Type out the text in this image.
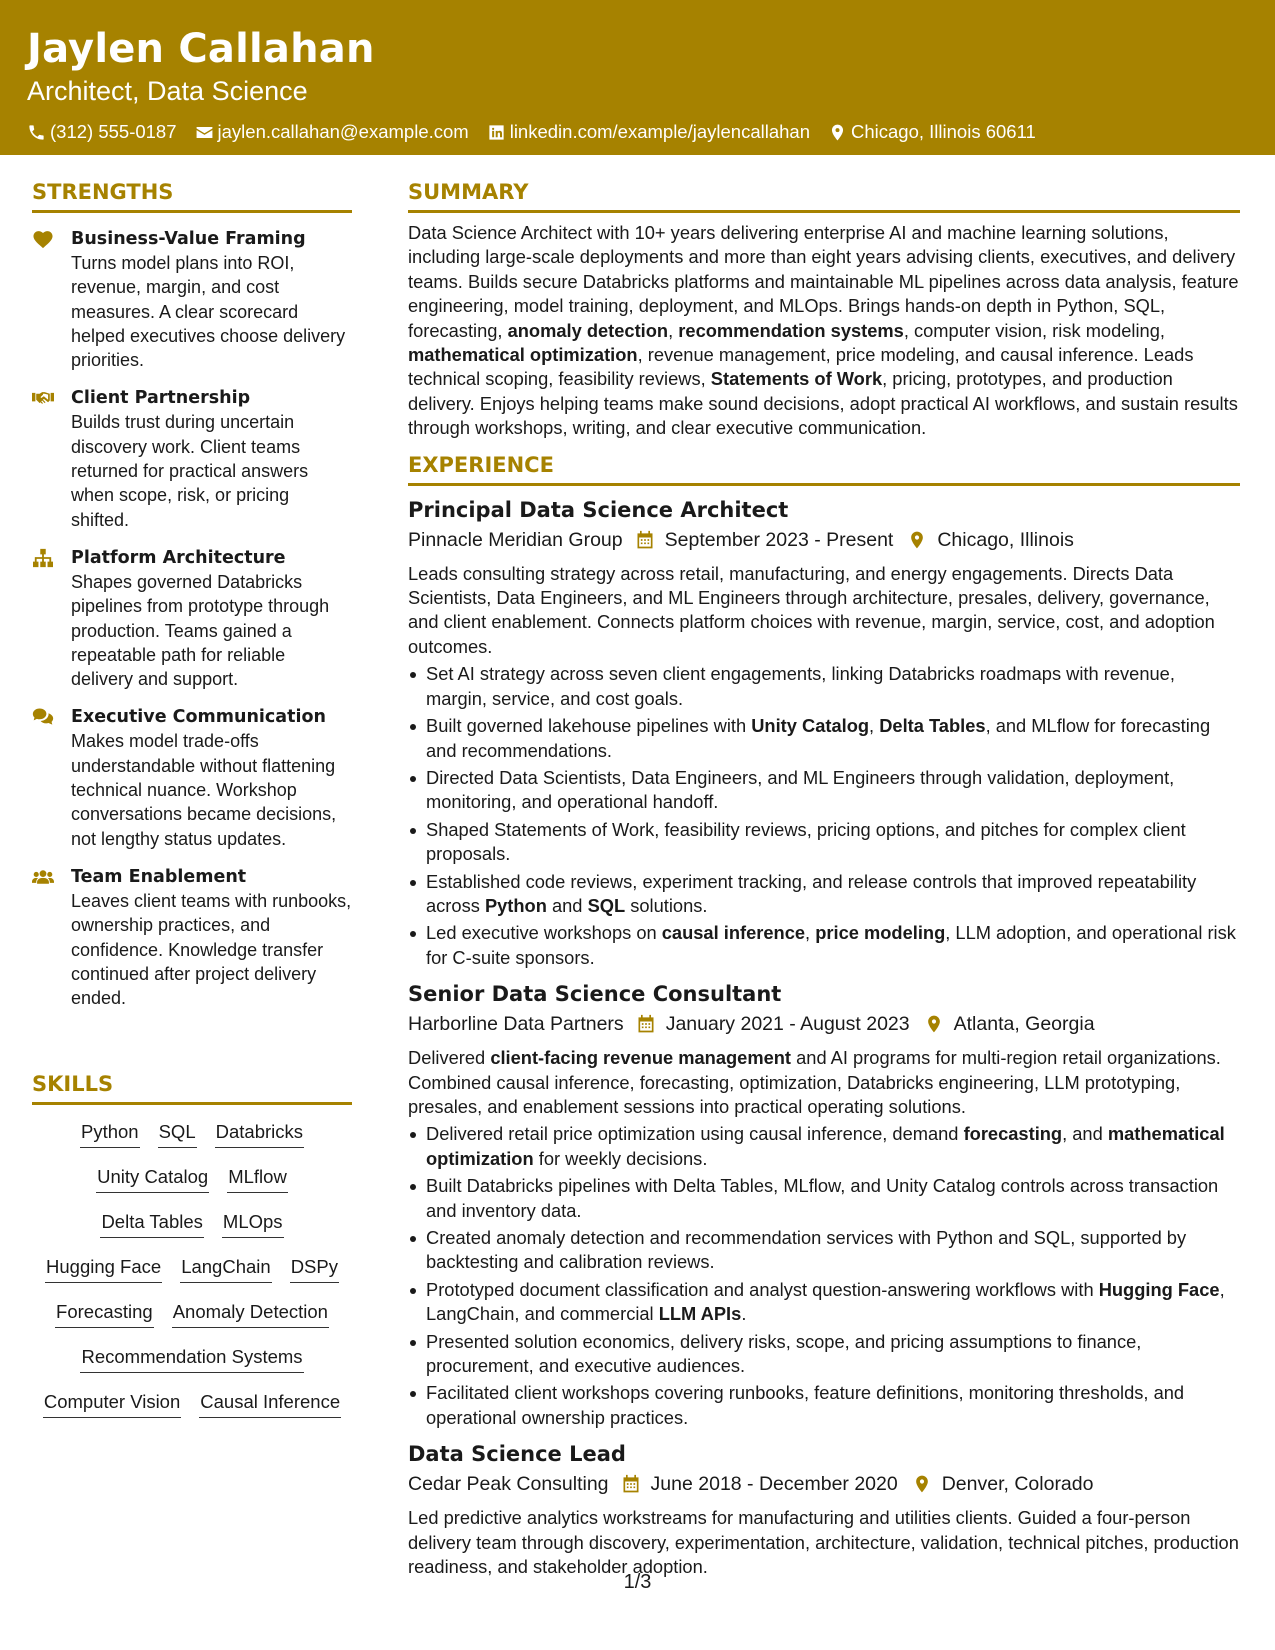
Jaylen Callahan
Architect, Data Science
(312) 555-0187 jaylen.callahan@example.com linkedin.com/example/jaylencallahan Chicago, Illinois 60611
STRENGTHS
Business-Value Framing
Turns model plans into ROI, revenue, margin, and cost measures. A clear scorecard helped executives choose delivery priorities.
Client Partnership
Builds trust during uncertain discovery work. Client teams returned for practical answers when scope, risk, or pricing shifted.
Platform Architecture
Shapes governed Databricks pipelines from prototype through production. Teams gained a repeatable path for reliable delivery and support.
Executive Communication
Makes model trade-offs understandable without flattening technical nuance. Workshop conversations became decisions, not lengthy status updates.
Team Enablement
Leaves client teams with runbooks, ownership practices, and confidence. Knowledge transfer continued after project delivery ended.
SKILLS
Python SQL Databricks
Unity Catalog MLflow
Delta Tables MLOps
Hugging Face LangChain DSPy
Forecasting Anomaly Detection
Recommendation Systems
Computer Vision Causal Inference
SUMMARY

Data Science Architect with 10+ years delivering enterprise AI and machine learning solutions, including large-scale deployments and more than eight years advising clients, executives, and delivery teams. Builds secure Databricks platforms and maintainable ML pipelines across data analysis, feature engineering, model training, deployment, and MLOps. Brings hands-on depth in Python, SQL, forecasting, anomaly detection, recommendation systems, computer vision, risk modeling, mathematical optimization, revenue management, price modeling, and causal inference. Leads technical scoping, feasibility reviews, Statements of Work, pricing, prototypes, and production delivery. Enjoys helping teams make sound decisions, adopt practical AI workflows, and sustain results through workshops, writing, and clear executive communication.

EXPERIENCE
Principal Data Science Architect
Pinnacle Meridian Group September 2023 - Present Chicago, Illinois

Leads consulting strategy across retail, manufacturing, and energy engagements. Directs Data Scientists, Data Engineers, and ML Engineers through architecture, presales, delivery, governance, and client enablement. Connects platform choices with revenue, margin, service, cost, and adoption outcomes.

Set AI strategy across seven client engagements, linking Databricks roadmaps with revenue, margin, service, and cost goals.
Built governed lakehouse pipelines with Unity Catalog, Delta Tables, and MLflow for forecasting and recommendations.
Directed Data Scientists, Data Engineers, and ML Engineers through validation, deployment, monitoring, and operational handoff.
Shaped Statements of Work, feasibility reviews, pricing options, and pitches for complex client proposals.
Established code reviews, experiment tracking, and release controls that improved repeatability across Python and SQL solutions.
Led executive workshops on causal inference, price modeling, LLM adoption, and operational risk for C-suite sponsors.
Senior Data Science Consultant
Harborline Data Partners January 2021 - August 2023 Atlanta, Georgia

Delivered client-facing revenue management and AI programs for multi-region retail organizations. Combined causal inference, forecasting, optimization, Databricks engineering, LLM prototyping, presales, and enablement sessions into practical operating solutions.

Delivered retail price optimization using causal inference, demand forecasting, and mathematical optimization for weekly decisions.
Built Databricks pipelines with Delta Tables, MLflow, and Unity Catalog controls across transaction and inventory data.
Created anomaly detection and recommendation services with Python and SQL, supported by backtesting and calibration reviews.
Prototyped document classification and analyst question-answering workflows with Hugging Face, LangChain, and commercial LLM APIs.
Presented solution economics, delivery risks, scope, and pricing assumptions to finance, procurement, and executive audiences.
Facilitated client workshops covering runbooks, feature definitions, monitoring thresholds, and operational ownership practices.
Data Science Lead
Cedar Peak Consulting June 2018 - December 2020 Denver, Colorado

Led predictive analytics workstreams for manufacturing and utilities clients. Guided a four-person delivery team through discovery, experimentation, architecture, validation, technical pitches, production readiness, and stakeholder adoption.

1/3
